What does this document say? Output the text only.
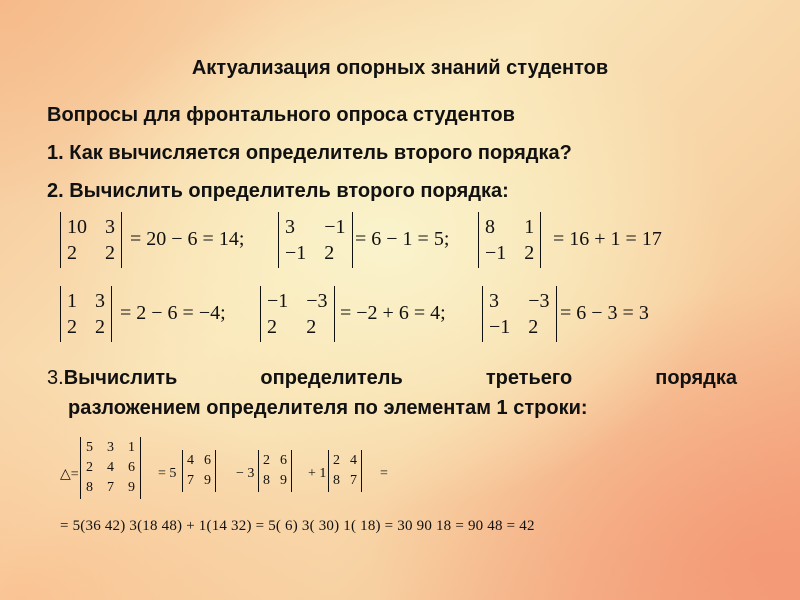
Актуализация опорных знаний студентов
Вопросы для фронтального опроса студентов
1. Как вычисляется определитель второго порядка?
2. Вычислить определитель второго порядка:
10 3
2	2
= 20 − 6 = 14;
3	−1
−1 2
= 6 − 1 = 5;
8	1
−1 2
= 16 + 1 = 17
1 3
2 2
= 2 − 6 = −4;
−1 −3
2	2
= −2 + 6 = 4;
3	−3
−1 2
= 6 − 3 = 3
3.Вычислить	определитель	третьего	порядка
разложением определителя по элементам 1 строки:
△=
5 3 1
2 4 6
8 7 9
= 5
4 6
7 9 − 3
2 6
8 9 + 1
2 4
8 7 =
= 5(36 42) 3(18 48) + 1(14 32) = 5( 6) 3( 30) 1( 18) = 30 90 18 = 90 48 = 42
